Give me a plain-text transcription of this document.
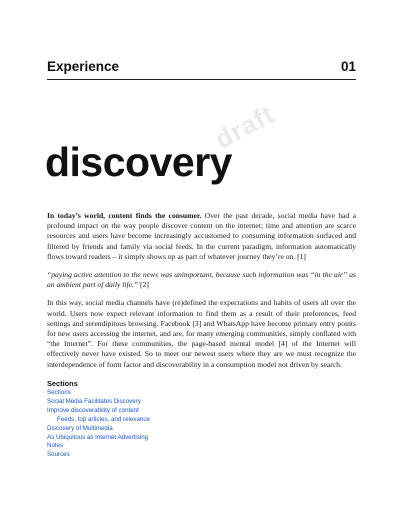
Experience	01
draft
discovery

In today’s world, content finds the consumer. Over the past decade, social media have had a profound impact on the way people discover content on the internet; time and attention are scarce resources and users have become increasingly accustomed to consuming information surfaced and filtered by friends and family via social feeds. In the current paradigm, information automatically flows toward readers – it simply shows up as part of whatever journey they’re on. [1]

“paying active attention to the news was unimportant, because such information was “in the air” as an ambient part of daily life.” [2]

In this way, social media channels have (re)defined the expectations and habits of users all over the world. Users now expect relevant information to find them as a result of their preferences, feed settings and serendipitous browsing. Facebook [3] and WhatsApp have become primary entry points for new users accessing the internet, and are, for many emerging communities, simply conflated with “the Internet”. For these communities, the page-based mental model [4] of the Internet will effectively never have existed. So to meet our newest users where they are we must recognize the interdependence of form factor and discoverability in a consumption model not driven by search.

Sections
Sections
Social Media Facilitates Discovery
Improve discoverability of content
Feeds, top articles, and relevance
Discovery of Multimedia
As Ubiquitous as Internet Advertising
Notes
Sources
